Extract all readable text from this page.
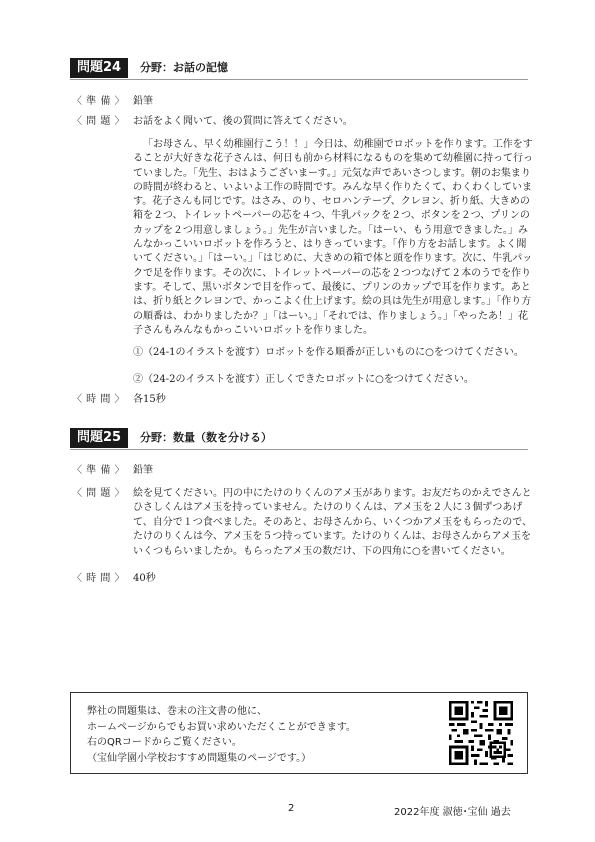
問題24	分野：お話の記憶
〈 準 備 〉 鉛筆
〈 問 題 〉 お話をよく聞いて、後の質問に答えてください。

「お母さん、早く幼稚園行こう！！」今日は、幼稚園でロボットを作ります。工作をすることが大好きな花子さんは、何日も前から材料になるものを集めて幼稚園に持って行っていました。「先生、おはようございまーす。」元気な声であいさつします。朝のお集まりの時間が終わると、いよいよ工作の時間です。みんな早く作りたくて、わくわくしています。花子さんも同じです。はさみ、のり、セロハンテープ、クレヨン、折り紙、大きめの箱を２つ、トイレットペーパーの芯を４つ、牛乳パックを２つ、ボタンを２つ、プリンのカップを２つ用意しましょう。」先生が言いました。「はーい、もう用意できました。」みんなかっこいいロボットを作ろうと、はりきっています。「作り方をお話します。よく聞いてください。」「はーい。」「はじめに、大きめの箱で体と頭を作ります。次に、牛乳パックで足を作ります。その次に、トイレットペーパーの芯を２つつなげて２本のうでを作ります。そして、黒いボタンで目を作って、最後に、プリンのカップで耳を作ります。あとは、折り紙とクレヨンで、かっこよく仕上げます。絵の具は先生が用意します。」「作り方の順番は、わかりましたか？」「はーい。」「それでは、作りましょう。」「やったあ！」花子さんもみんなもかっこいいロボットを作りました。

①（24-1のイラストを渡す）ロボットを作る順番が正しいものに○をつけてください。
②（24-2のイラストを渡す）正しくできたロボットに○をつけてください。
〈 時 間 〉 各15秒
問題25	分野：数量（数を分ける）
〈 準 備 〉 鉛筆
〈 問 題 〉 絵を見てください。円の中にたけのりくんのアメ玉があります。お友だちのかえでさんとひさしくんはアメ玉を持っていません。たけのりくんは、アメ玉を２人に３個ずつあげて、自分で１つ食べました。そのあと、お母さんから、いくつかアメ玉をもらったので、たけのりくんは今、アメ玉を５つ持っています。たけのりくんは、お母さんからアメ玉をいくつもらいましたか。もらったアメ玉の数だけ、下の四角に○を書いてください。
〈 時 間 〉 40秒
弊社の問題集は、巻末の注文書の他に、
ホームページからでもお買い求めいただくことができます。
右のQRコードからご覧ください。
（宝仙学園小学校おすすめ問題集のページです。）
2	2022年度 淑徳･宝仙 過去
